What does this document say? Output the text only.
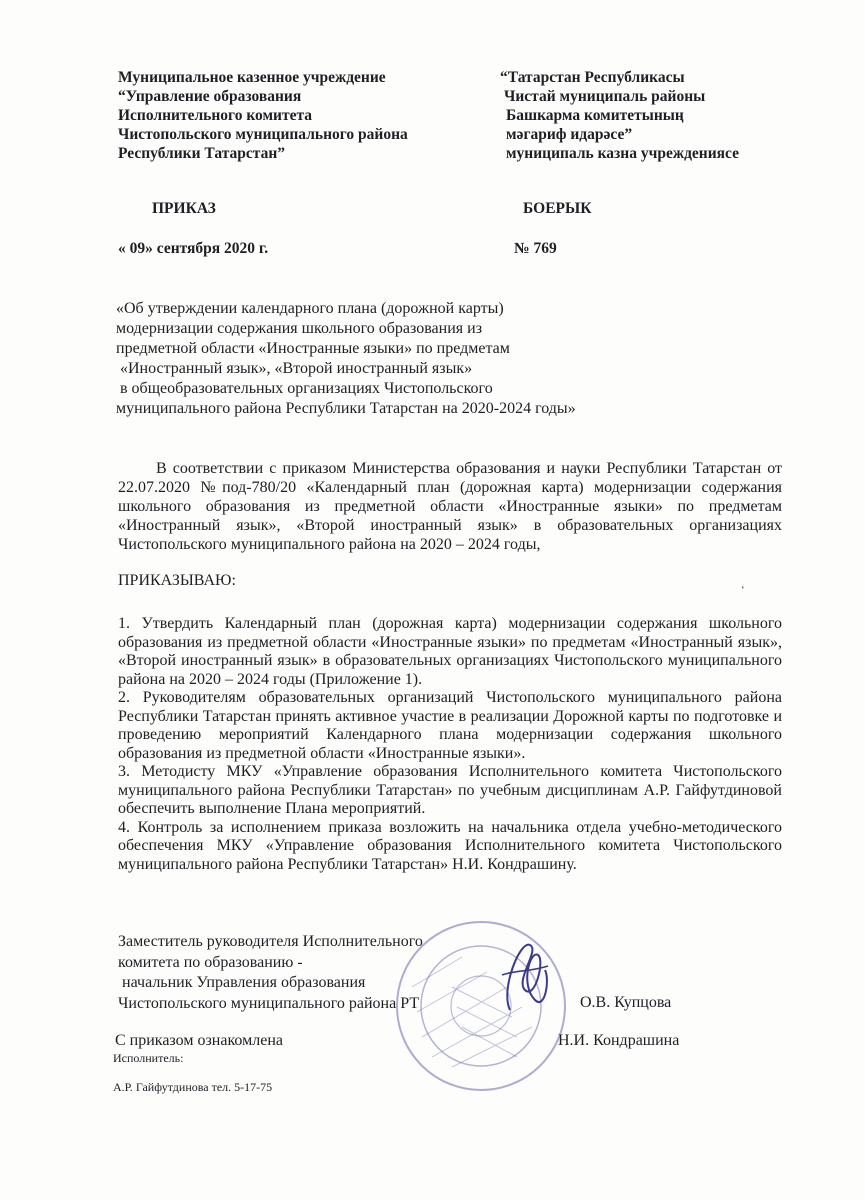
Муниципальное казенное учреждение
“Управление образования
Исполнительного комитета
Чистопольского муниципального района
Республики Татарстан”
“Татарстан Республикасы
Чистай муниципаль районы
Башкарма комитетының
мәгариф идарәсе”
муниципаль казна учреждениясе
ПРИКАЗ	БОЕРЫК
« 09» сентября 2020 г.	№ 769
«Об утверждении календарного плана (дорожной карты)
модернизации содержания школьного образования из
предметной области «Иностранные языки» по предметам
«Иностранный язык», «Второй иностранный язык»
в общеобразовательных организациях Чистопольского
муниципального района Республики Татарстан на 2020-2024 годы»

В соответствии с приказом Министерства образования и науки Республики Татарстан от 22.07.2020 №под-780/20 «Календарный план (дорожная карта) модернизации содержания школьного образования из предметной области «Иностранные языки» по предметам «Иностранный язык», «Второй иностранный язык» в образовательных организациях Чистопольского муниципального района на 2020 – 2024 годы,

ПРИКАЗЫВАЮ:
‘

1. Утвердить Календарный план (дорожная карта) модернизации содержания школьного образования из предметной области «Иностранные языки» по предметам «Иностранный язык», «Второй иностранный язык» в образовательных организациях Чистопольского муниципального района на 2020 – 2024 годы (Приложение 1).

2. Руководителям образовательных организаций Чистопольского муниципального района Республики Татарстан принять активное участие в реализации Дорожной карты по подготовке и проведению мероприятий Календарного плана модернизации содержания школьного образования из предметной области «Иностранные языки».

3. Методисту МКУ «Управление образования Исполнительного комитета Чистопольского муниципального района Республики Татарстан» по учебным дисциплинам А.Р. Гайфутдиновой обеспечить выполнение Плана мероприятий.

4. Контроль за исполнением приказа возложить на начальника отдела учебно-методического обеспечения МКУ «Управление образования Исполнительного комитета Чистопольского муниципального района Республики Татарстан» Н.И. Кондрашину.

Заместитель руководителя Исполнительного
комитета по образованию -
начальник Управления образования
Чистопольского муниципального района РТ	О.В. Купцова
С приказом ознакомлена	Н.И. Кондрашина
Исполнитель:
А.Р. Гайфутдинова тел. 5-17-75
